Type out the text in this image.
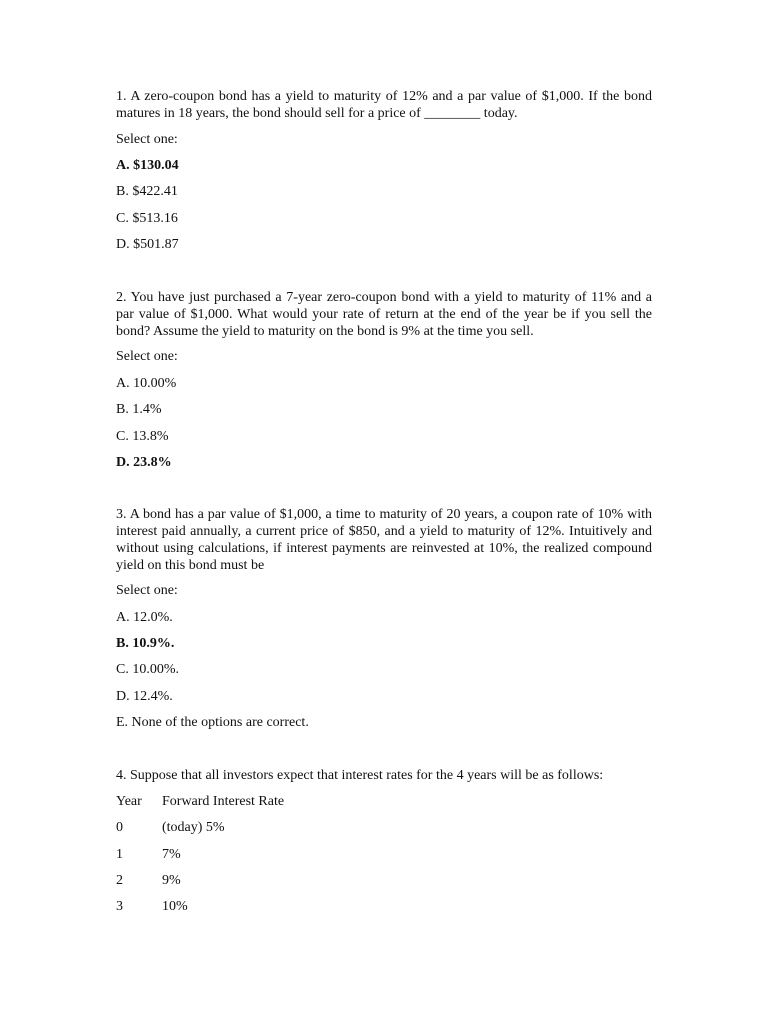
1. A zero-coupon bond has a yield to maturity of 12% and a par value of $1,000. If the bond matures in 18 years, the bond should sell for a price of ________ today.

Select one:

A. $130.04

B. $422.41

C. $513.16

D. $501.87

2. You have just purchased a 7-year zero-coupon bond with a yield to maturity of 11% and a par value of $1,000. What would your rate of return at the end of the year be if you sell the bond? Assume the yield to maturity on the bond is 9% at the time you sell.

Select one:

A. 10.00%

B. 1.4%

C. 13.8%

D. 23.8%

3. A bond has a par value of $1,000, a time to maturity of 20 years, a coupon rate of 10% with interest paid annually, a current price of $850, and a yield to maturity of 12%. Intuitively and without using calculations, if interest payments are reinvested at 10%, the realized compound yield on this bond must be

Select one:

A. 12.0%.

B. 10.9%.

C. 10.00%.

D. 12.4%.

E. None of the options are correct.

4. Suppose that all investors expect that interest rates for the 4 years will be as follows:

Year Forward Interest Rate

0	(today) 5%

1	7%

2	9%

3	10%
